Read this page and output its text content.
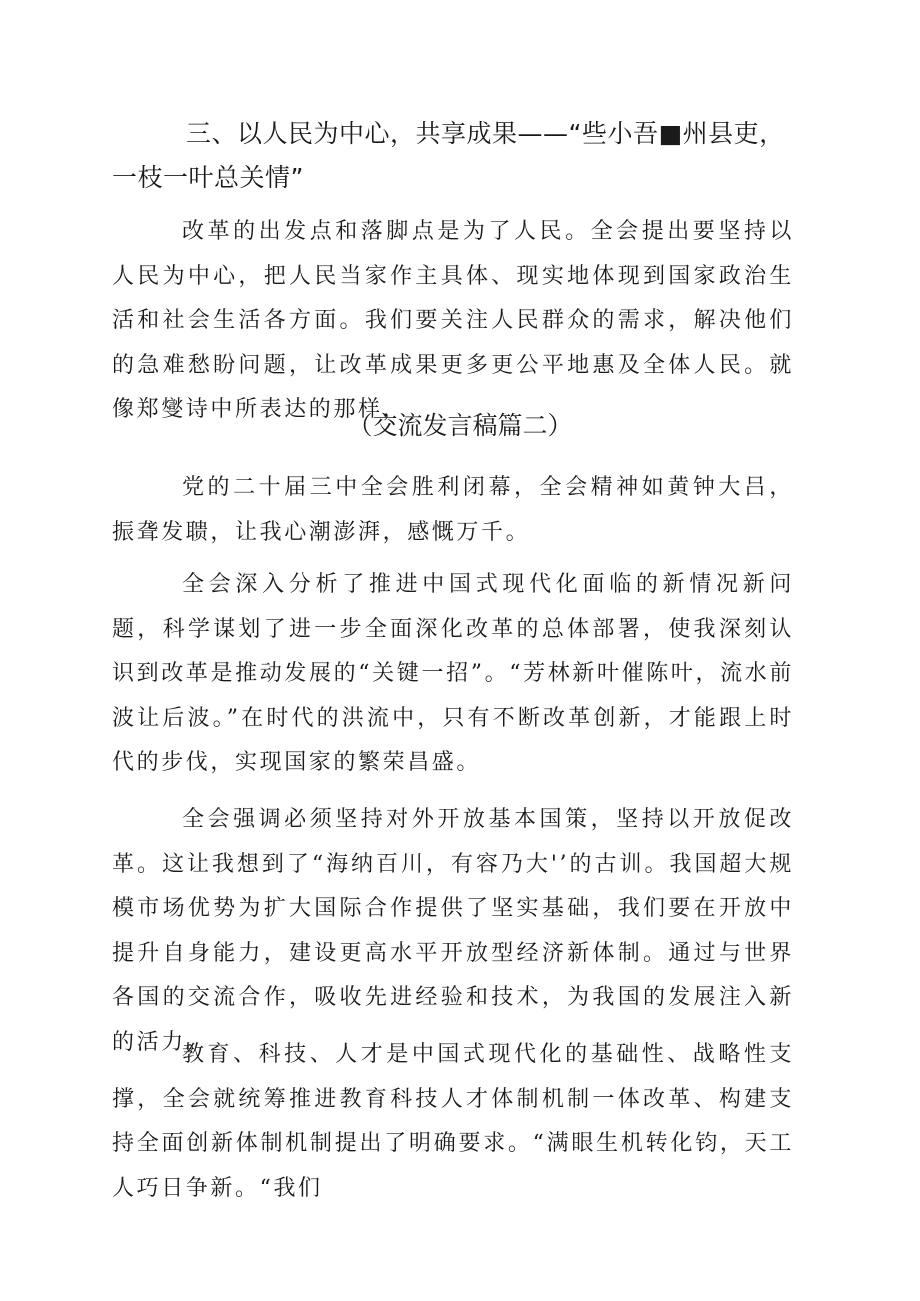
三、以人民为中心，共享成果——“些小吾■州县吏，一枝一叶总关情”

改革的出发点和落脚点是为了人民。全会提出要坚持以人民为中心，把人民当家作主具体、现实地体现到国家政治生活和社会生活各方面。我们要关注人民群众的需求，解决他们的急难愁盼问题，让改革成果更多更公平地惠及全体人民。就像郑燮诗中所表达的那样，

（交流发言稿篇二）

党的二十届三中全会胜利闭幕，全会精神如黄钟大吕，振聋发聩，让我心潮澎湃，感慨万千。

全会深入分析了推进中国式现代化面临的新情况新问题，科学谋划了进一步全面深化改革的总体部署，使我深刻认识到改革是推动发展的“关键一招”。“芳林新叶催陈叶，流水前波让后波。”在时代的洪流中，只有不断改革创新，才能跟上时代的步伐，实现国家的繁荣昌盛。

全会强调必须坚持对外开放基本国策，坚持以开放促改革。这让我想到了“海纳百川，有容乃大'’的古训。我国超大规模市场优势为扩大国际合作提供了坚实基础，我们要在开放中提升自身能力，建设更高水平开放型经济新体制。通过与世界各国的交流合作，吸收先进经验和技术，为我国的发展注入新的活力。

教育、科技、人才是中国式现代化的基础性、战略性支撑，全会就统筹推进教育科技人才体制机制一体改革、构建支持全面创新体制机制提出了明确要求。“满眼生机转化钧，天工人巧日争新。“我们
